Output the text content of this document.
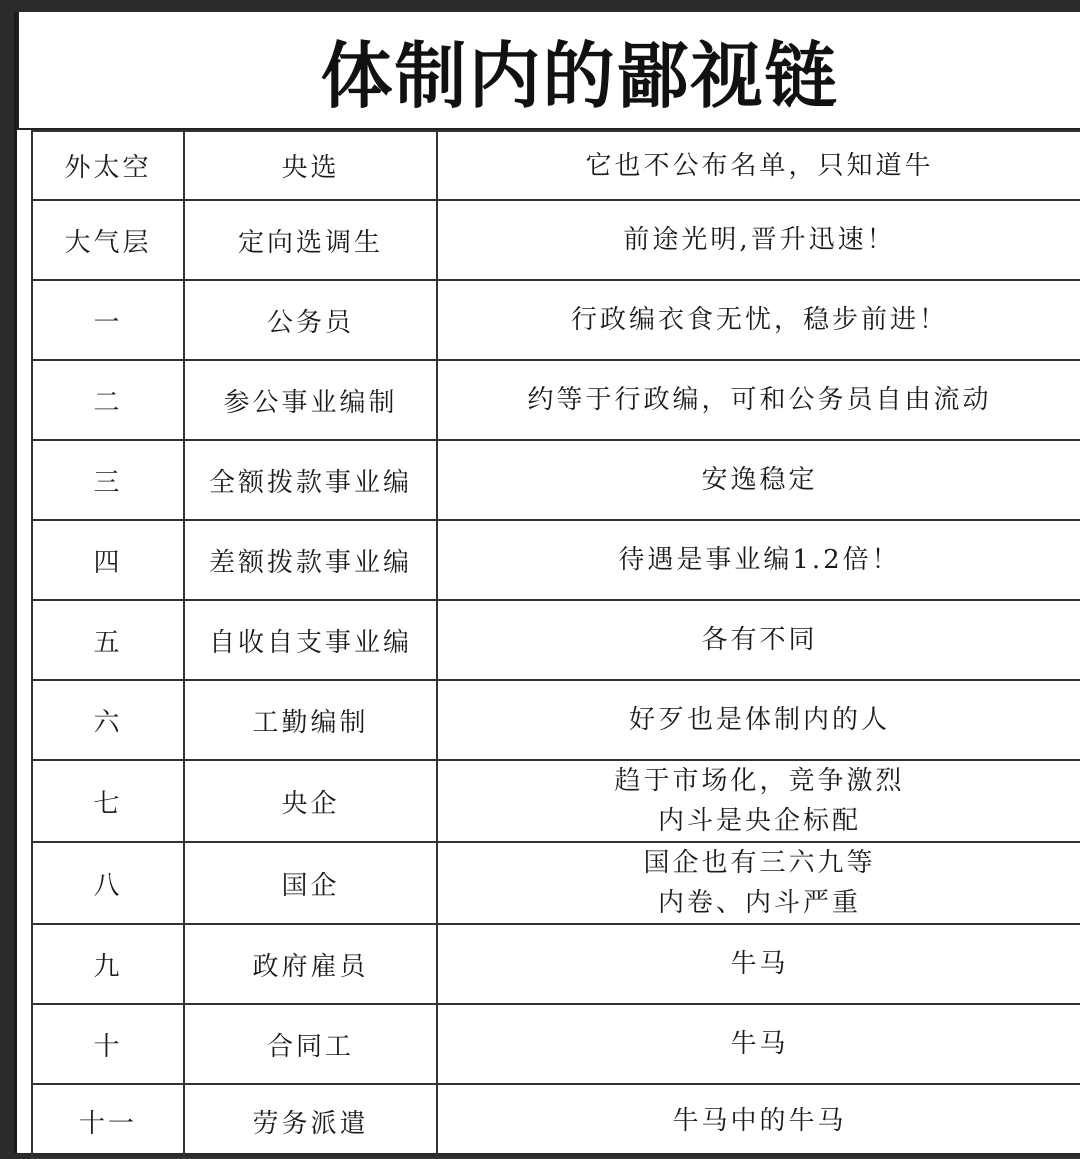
体制内的鄙视链
外太空	央选	它也不公布名单，只知道牛

大气层	定向选调生	前途光明,晋升迅速！

一	公务员	行政编衣食无忧，稳步前进！

二	参公事业编制	约等于行政编，可和公务员自由流动

三	全额拨款事业编	安逸稳定

四	差额拨款事业编	待遇是事业编1.2倍！

五	自收自支事业编	各有不同

六	工勤编制	好歹也是体制内的人

七	央企	趋于市场化，竞争激烈
内斗是央企标配

八	国企	国企也有三六九等
内卷、内斗严重

九	政府雇员	牛马

十	合同工	牛马

十一	劳务派遣	牛马中的牛马
